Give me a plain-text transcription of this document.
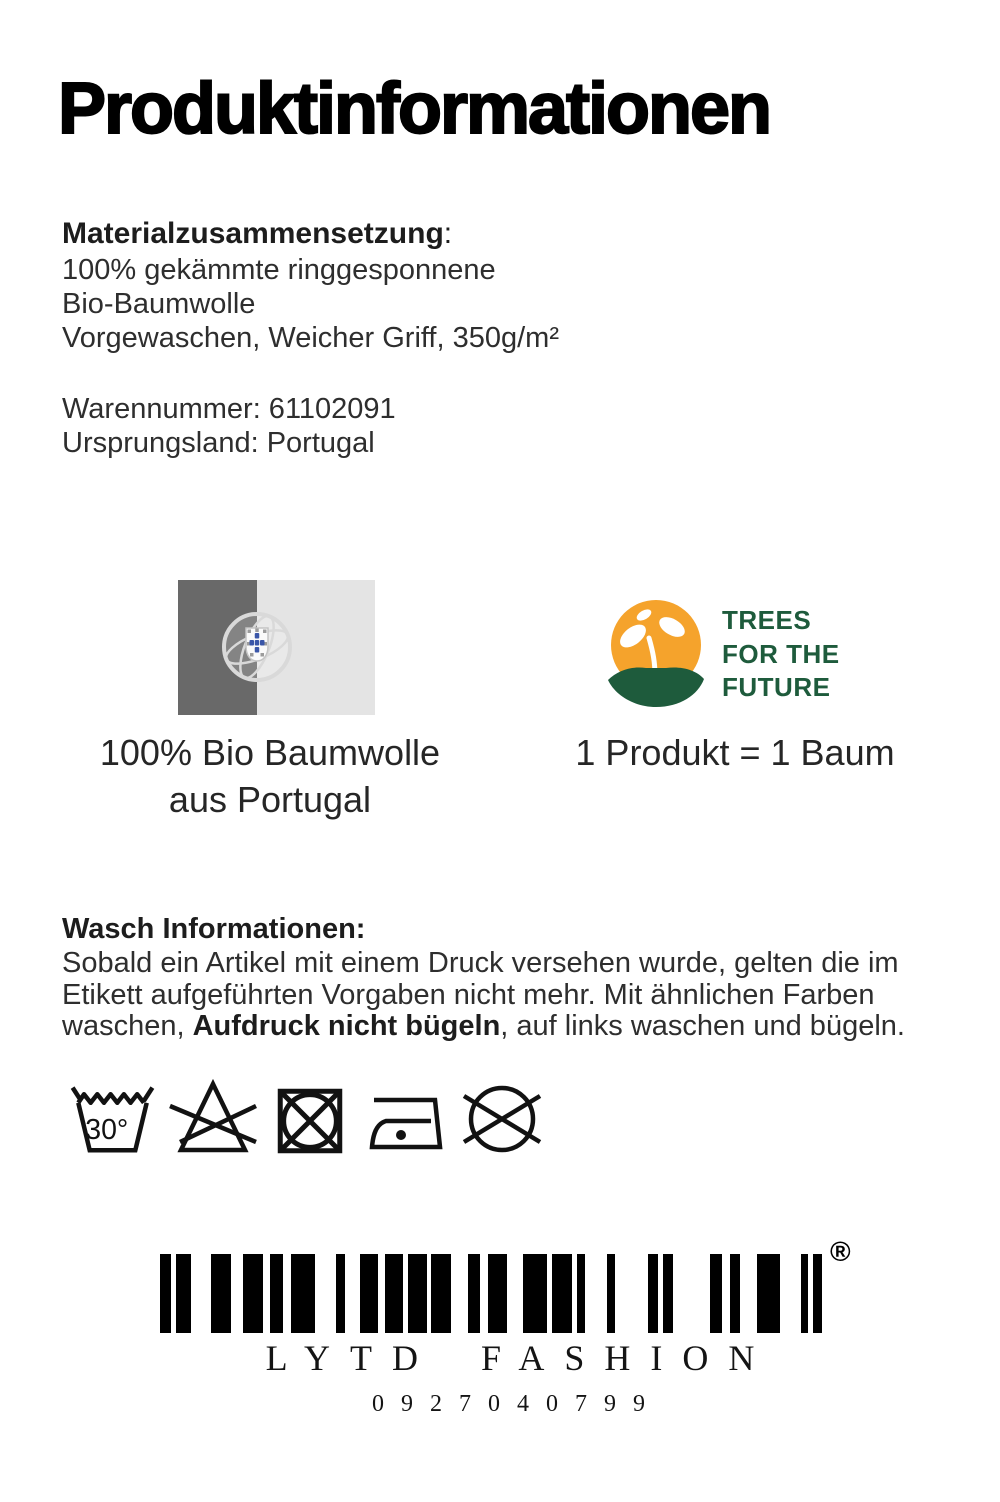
Produktinformationen
Materialzusammensetzung:
100% gekämmte ringgesponnene
Bio-Baumwolle
Vorgewaschen, Weicher Griff, 350g/m²
Warennummer: 61102091
Ursprungsland: Portugal
TREES
FOR THE
FUTURE
100% Bio Baumwolle
aus Portugal
1 Produkt = 1 Baum
Wasch Informationen:
Sobald ein Artikel mit einem Druck versehen wurde, gelten die im
Etikett aufgeführten Vorgaben nicht mehr. Mit ähnlichen Farben
waschen, Aufdruck nicht bügeln, auf links waschen und bügeln.
30°
®
LYTD FASHION
0927040799
